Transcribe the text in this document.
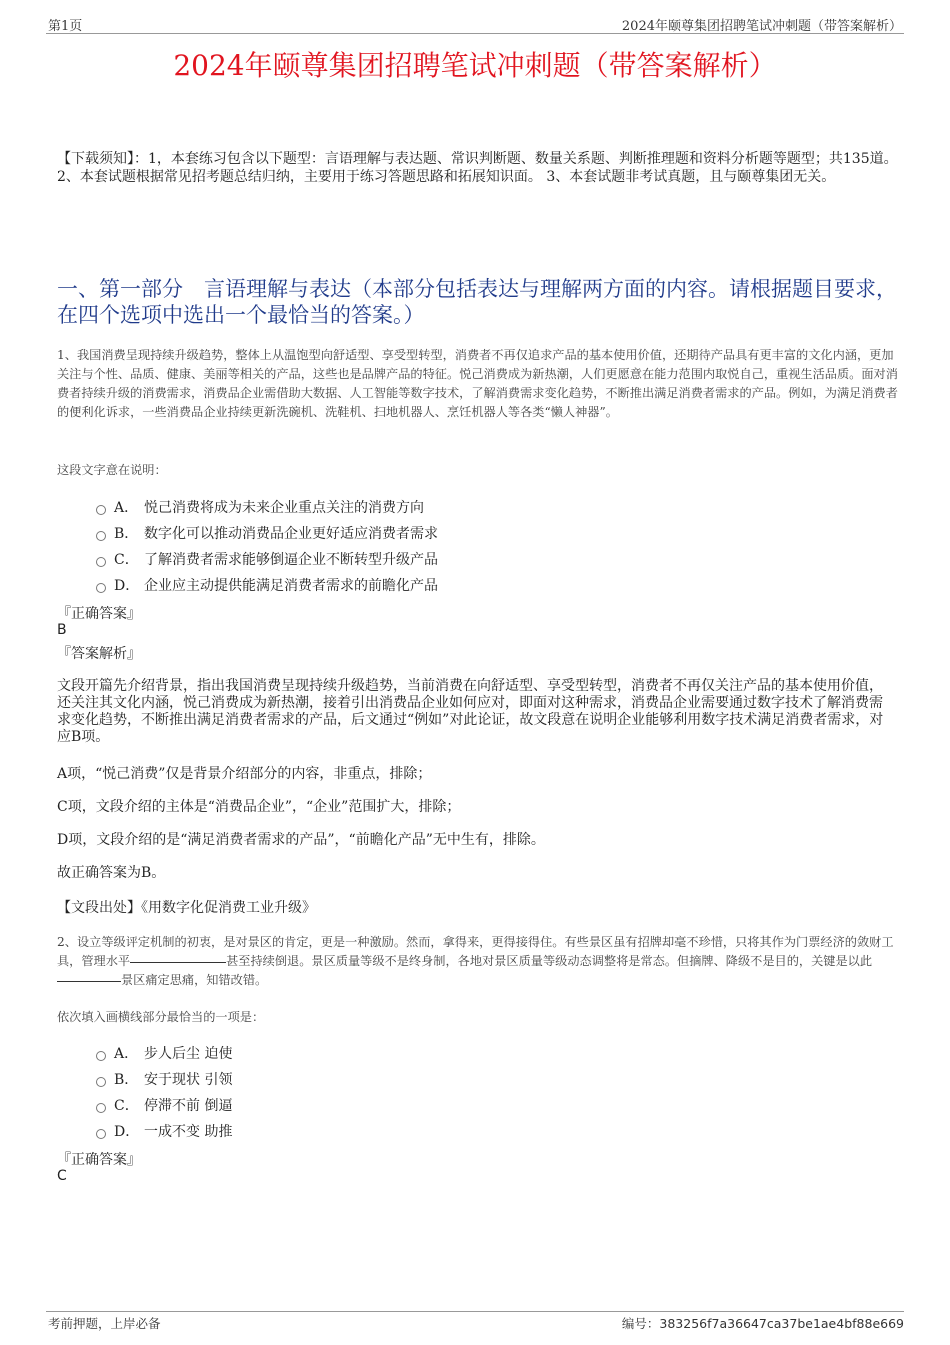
第1页	2024年颐尊集团招聘笔试冲刺题（带答案解析）
2024年颐尊集团招聘笔试冲刺题（带答案解析）
【下载须知】：1，本套练习包含以下题型：言语理解与表达题、常识判断题、数量关系题、判断推理题和资料分析题等题型；共135道。 2、本套试题根据常见招考题总结归纳，主要用于练习答题思路和拓展知识面。 3、本套试题非考试真题，且与颐尊集团无关。
一、第一部分　言语理解与表达（本部分包括表达与理解两方面的内容。请根据题目要求，在四个选项中选出一个最恰当的答案。）
1、我国消费呈现持续升级趋势，整体上从温饱型向舒适型、享受型转型，消费者不再仅追求产品的基本使用价值，还期待产品具有更丰富的文化内涵，更加关注与个性、品质、健康、美丽等相关的产品，这些也是品牌产品的特征。悦己消费成为新热潮，人们更愿意在能力范围内取悦自己，重视生活品质。面对消费者持续升级的消费需求，消费品企业需借助大数据、人工智能等数字技术，了解消费需求变化趋势，不断推出满足消费者需求的产品。例如，为满足消费者的便利化诉求，一些消费品企业持续更新洗碗机、洗鞋机、扫地机器人、烹饪机器人等各类“懒人神器”。
这段文字意在说明：
A． 悦己消费将成为未来企业重点关注的消费方向
B． 数字化可以推动消费品企业更好适应消费者需求
C． 了解消费者需求能够倒逼企业不断转型升级产品
D． 企业应主动提供能满足消费者需求的前瞻化产品
『正确答案』
B
『答案解析』
文段开篇先介绍背景，指出我国消费呈现持续升级趋势，当前消费在向舒适型、享受型转型，消费者不再仅关注产品的基本使用价值，还关注其文化内涵，悦己消费成为新热潮，接着引出消费品企业如何应对，即面对这种需求，消费品企业需要通过数字技术了解消费需求变化趋势，不断推出满足消费者需求的产品，后文通过“例如”对此论证，故文段意在说明企业能够利用数字技术满足消费者需求，对应B项。
A项，“悦己消费”仅是背景介绍部分的内容，非重点，排除；
C项，文段介绍的主体是“消费品企业”，“企业”范围扩大，排除；
D项，文段介绍的是“满足消费者需求的产品”，“前瞻化产品”无中生有，排除。
故正确答案为B。
【文段出处】《用数字化促消费工业升级》
2、设立等级评定机制的初衷，是对景区的肯定，更是一种激励。然而，拿得来，更得接得住。有些景区虽有招牌却毫不珍惜，只将其作为门票经济的敛财工具，管理水平	甚至持续倒退。景区质量等级不是终身制，各地对景区质量等级动态调整将是常态。但摘牌、降级不是目的，关键是以此景区痛定思痛，知错改错。
依次填入画横线部分最恰当的一项是：
A． 步人后尘 迫使
B． 安于现状 引领
C． 停滞不前 倒逼
D． 一成不变 助推
『正确答案』
C
考前押题，上岸必备	编号：383256f7a36647ca37be1ae4bf88e669
